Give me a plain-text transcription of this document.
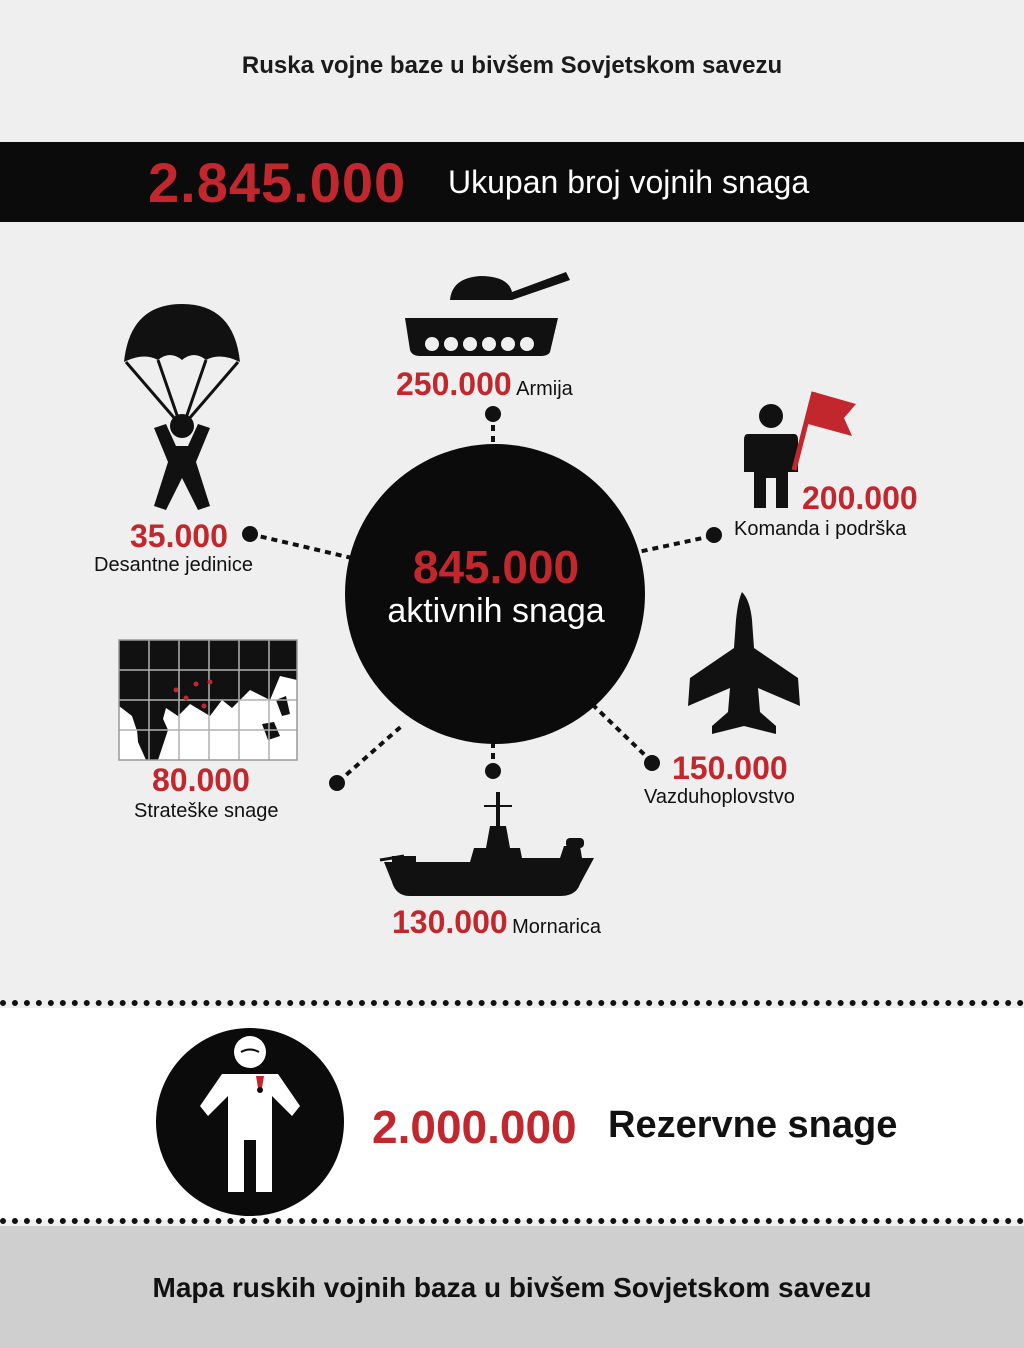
Ruska vojne baze u bivšem Sovjetskom savezu
2.845.000 Ukupan broj vojnih snaga
845.000
aktivnih snaga
250.000 Armija
200.000
Komanda i podrška
150.000
Vazduhoplovstvo
130.000 Mornarica
80.000
Strateške snage
35.000
Desantne jedinice
2.000.000 Rezervne snage
Mapa ruskih vojnih baza u bivšem Sovjetskom savezu
